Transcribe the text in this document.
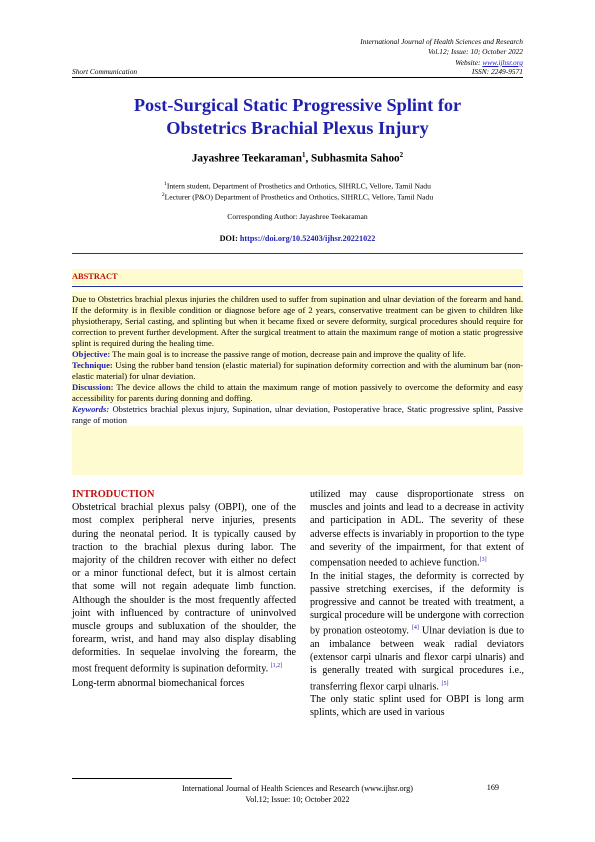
International Journal of Health Sciences and Research
Vol.12; Issue: 10; October 2022
Website: www.ijhsr.org
Short Communication	ISSN: 2249-9571
Post-Surgical Static Progressive Splint for
Obstetrics Brachial Plexus Injury
Jayashree Teekaraman$^1$, Subhasmita Sahoo$^2$
$^1$Intern student, Department of Prosthetics and Orthotics, SIHRLC, Vellore, Tamil Nadu
$^2$Lecturer (P&O) Department of Prosthetics and Orthotics, SIHRLC, Vellore, Tamil Nadu
Corresponding Author: Jayashree Teekaraman
DOI: https://doi.org/10.52403/ijhsr.20221022
ABSTRACT
Due to Obstetrics brachial plexus injuries the children used to suffer from supination and ulnar deviation of the forearm and hand. If the deformity is in flexible condition or diagnose before age of 2 years, conservative treatment can be given to children like physiotherapy, Serial casting, and splinting but when it became fixed or severe deformity, surgical procedures should require for correction to prevent further development. After the surgical treatment to attain the maximum range of motion a static progressive splint is required during the healing time.
Objective: The main goal is to increase the passive range of motion, decrease pain and improve the quality of life.
Technique: Using the rubber band tension (elastic material) for supination deformity correction and with the aluminum bar (non-elastic material) for ulnar deviation.
Discussion: The device allows the child to attain the maximum range of motion passively to overcome the deformity and easy accessibility for parents during donning and doffing.
Keywords: Obstetrics brachial plexus injury, Supination, ulnar deviation, Postoperative brace, Static progressive splint, Passive range of motion
INTRODUCTION
Obstetrical brachial plexus palsy (OBPI), one of the most complex peripheral nerve injuries, presents during the neonatal period. It is typically caused by traction to the brachial plexus during labor. The majority of the children recover with either no defect or a minor functional defect, but it is almost certain that some will not regain adequate limb function. Although the shoulder is the most frequently affected joint with influenced by contracture of uninvolved muscle groups and subluxation of the shoulder, the forearm, wrist, and hand may also display disabling deformities. In sequelae involving the forearm, the most frequent deformity is supination deformity. [1,2]
Long-term abnormal biomechanical forces
utilized may cause disproportionate stress on muscles and joints and lead to a decrease in activity and participation in ADL. The severity of these adverse effects is invariably in proportion to the type and severity of the impairment, for that extent of compensation needed to achieve function.[3]
In the initial stages, the deformity is corrected by passive stretching exercises, if the deformity is progressive and cannot be treated with treatment, a surgical procedure will be undergone with correction by pronation osteotomy. [4] Ulnar deviation is due to an imbalance between weak radial deviators (extensor carpi ulnaris and flexor carpi ulnaris) and is generally treated with surgical procedures i.e., transferring flexor carpi ulnaris. [5]
The only static splint used for OBPI is long arm splints, which are used in various
International Journal of Health Sciences and Research (www.ijhsr.org)
Vol.12; Issue: 10; October 2022
169
